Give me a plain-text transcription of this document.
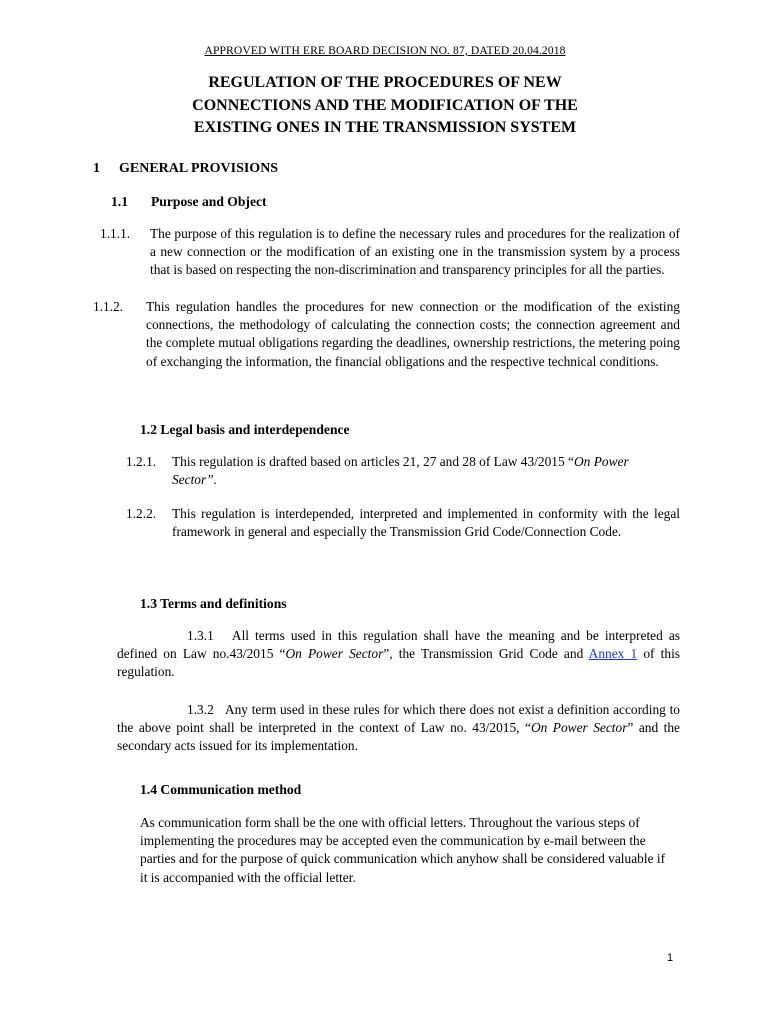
APPROVED WITH ERE BOARD DECISION NO. 87, DATED 20.04.2018
REGULATION OF THE PROCEDURES OF NEW
CONNECTIONS AND THE MODIFICATION OF THE
EXISTING ONES IN THE TRANSMISSION SYSTEM
1 GENERAL PROVISIONS
1.1 Purpose and Object
1.1.1. The purpose of this regulation is to define the necessary rules and procedures for the realization of a new connection or the modification of an existing one in the transmission system by a process that is based on respecting the non-discrimination and transparency principles for all the parties.
1.1.2. This regulation handles the procedures for new connection or the modification of the existing connections, the methodology of calculating the connection costs; the connection agreement and the complete mutual obligations regarding the deadlines, ownership restrictions, the metering poing of exchanging the information, the financial obligations and the respective technical conditions.
1.2 Legal basis and interdependence
1.2.1. This regulation is drafted based on articles 21, 27 and 28 of Law 43/2015 “On Power Sector”.
1.2.2. This regulation is interdepended, interpreted and implemented in conformity with the legal framework in general and especially the Transmission Grid Code/Connection Code.
1.3 Terms and definitions
1.3.1 All terms used in this regulation shall have the meaning and be interpreted as defined on Law no.43/2015 “On Power Sector”, the Transmission Grid Code and Annex 1 of this regulation.
1.3.2 Any term used in these rules for which there does not exist a definition according to the above point shall be interpreted in the context of Law no. 43/2015, “On Power Sector” and the secondary acts issued for its implementation.
1.4 Communication method
As communication form shall be the one with official letters. Throughout the various steps of implementing the procedures may be accepted even the communication by e-mail between the parties and for the purpose of quick communication which anyhow shall be considered valuable if it is accompanied with the official letter.
1
